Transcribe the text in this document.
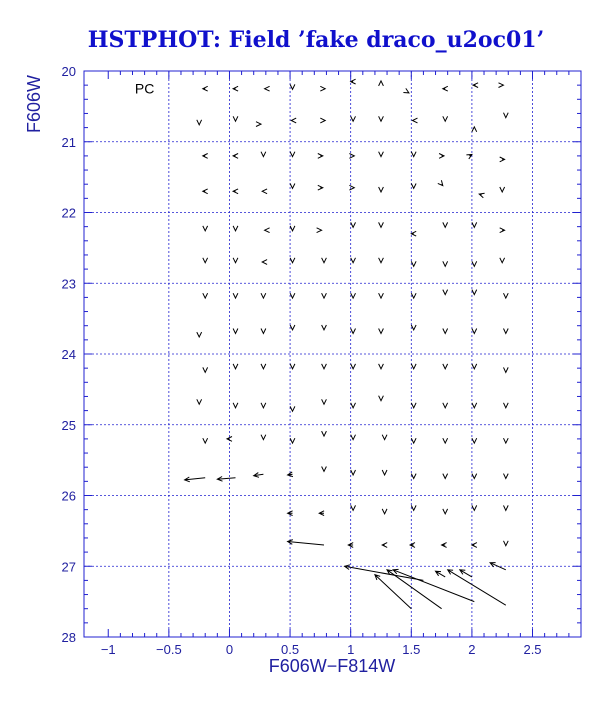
HSTPHOT: Field ’fake draco_u2oc01’
−1	−0.5	0	0.5	1	1.5	2	2.5
20
21
22
23
24
25
26
27
28
PC
F606W−F814W
F606W
